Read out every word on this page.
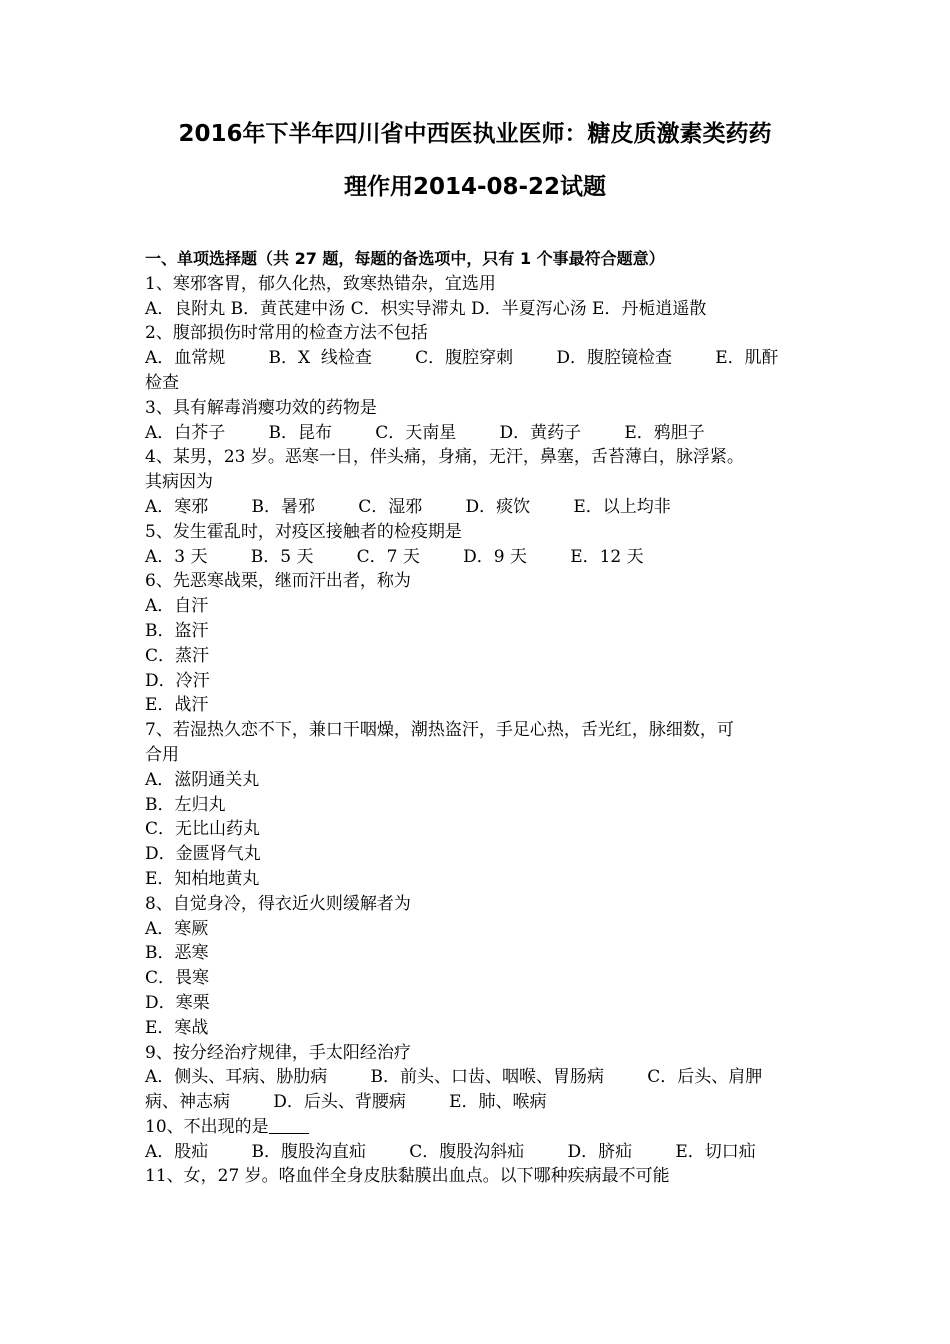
2016年下半年四川省中西医执业医师：糖皮质激素类药药
理作用2014-08-22试题
一、单项选择题（共 27 题，每题的备选项中，只有 1 个事最符合题意）
1、寒邪客胃，郁久化热，致寒热错杂，宜选用
A．良附丸 B．黄芪建中汤 C．枳实导滞丸 D．半夏泻心汤 E．丹栀逍遥散
2、腹部损伤时常用的检查方法不包括
A．血常规        B．X  线检查        C．腹腔穿刺        D．腹腔镜检查        E．肌酐
检查
3、具有解毒消瘿功效的药物是
A．白芥子        B．昆布        C．天南星        D．黄药子        E．鸦胆子
4、某男，23 岁。恶寒一日，伴头痛，身痛，无汗，鼻塞，舌苔薄白，脉浮紧。
其病因为
A．寒邪        B．暑邪        C．湿邪        D．痰饮        E．以上均非
5、发生霍乱时，对疫区接触者的检疫期是
A．3 天        B．5 天        C．7 天        D．9 天        E．12 天
6、先恶寒战栗，继而汗出者，称为
A．自汗
B．盗汗
C．蒸汗
D．冷汗
E．战汗
7、若湿热久恋不下，兼口干咽燥，潮热盗汗，手足心热，舌光红，脉细数，可
合用
A．滋阴通关丸
B．左归丸
C．无比山药丸
D．金匮肾气丸
E．知柏地黄丸
8、自觉身冷，得衣近火则缓解者为
A．寒厥
B．恶寒
C．畏寒
D．寒栗
E．寒战
9、按分经治疗规律，手太阳经治疗
A．侧头、耳病、胁肋病        B．前头、口齿、咽喉、胃肠病        C．后头、肩胛
病、神志病        D．后头、背腰病        E．肺、喉病
10、不出现的是
A．股疝        B．腹股沟直疝        C．腹股沟斜疝        D．脐疝        E．切口疝
11、女，27 岁。咯血伴全身皮肤黏膜出血点。以下哪种疾病最不可能
